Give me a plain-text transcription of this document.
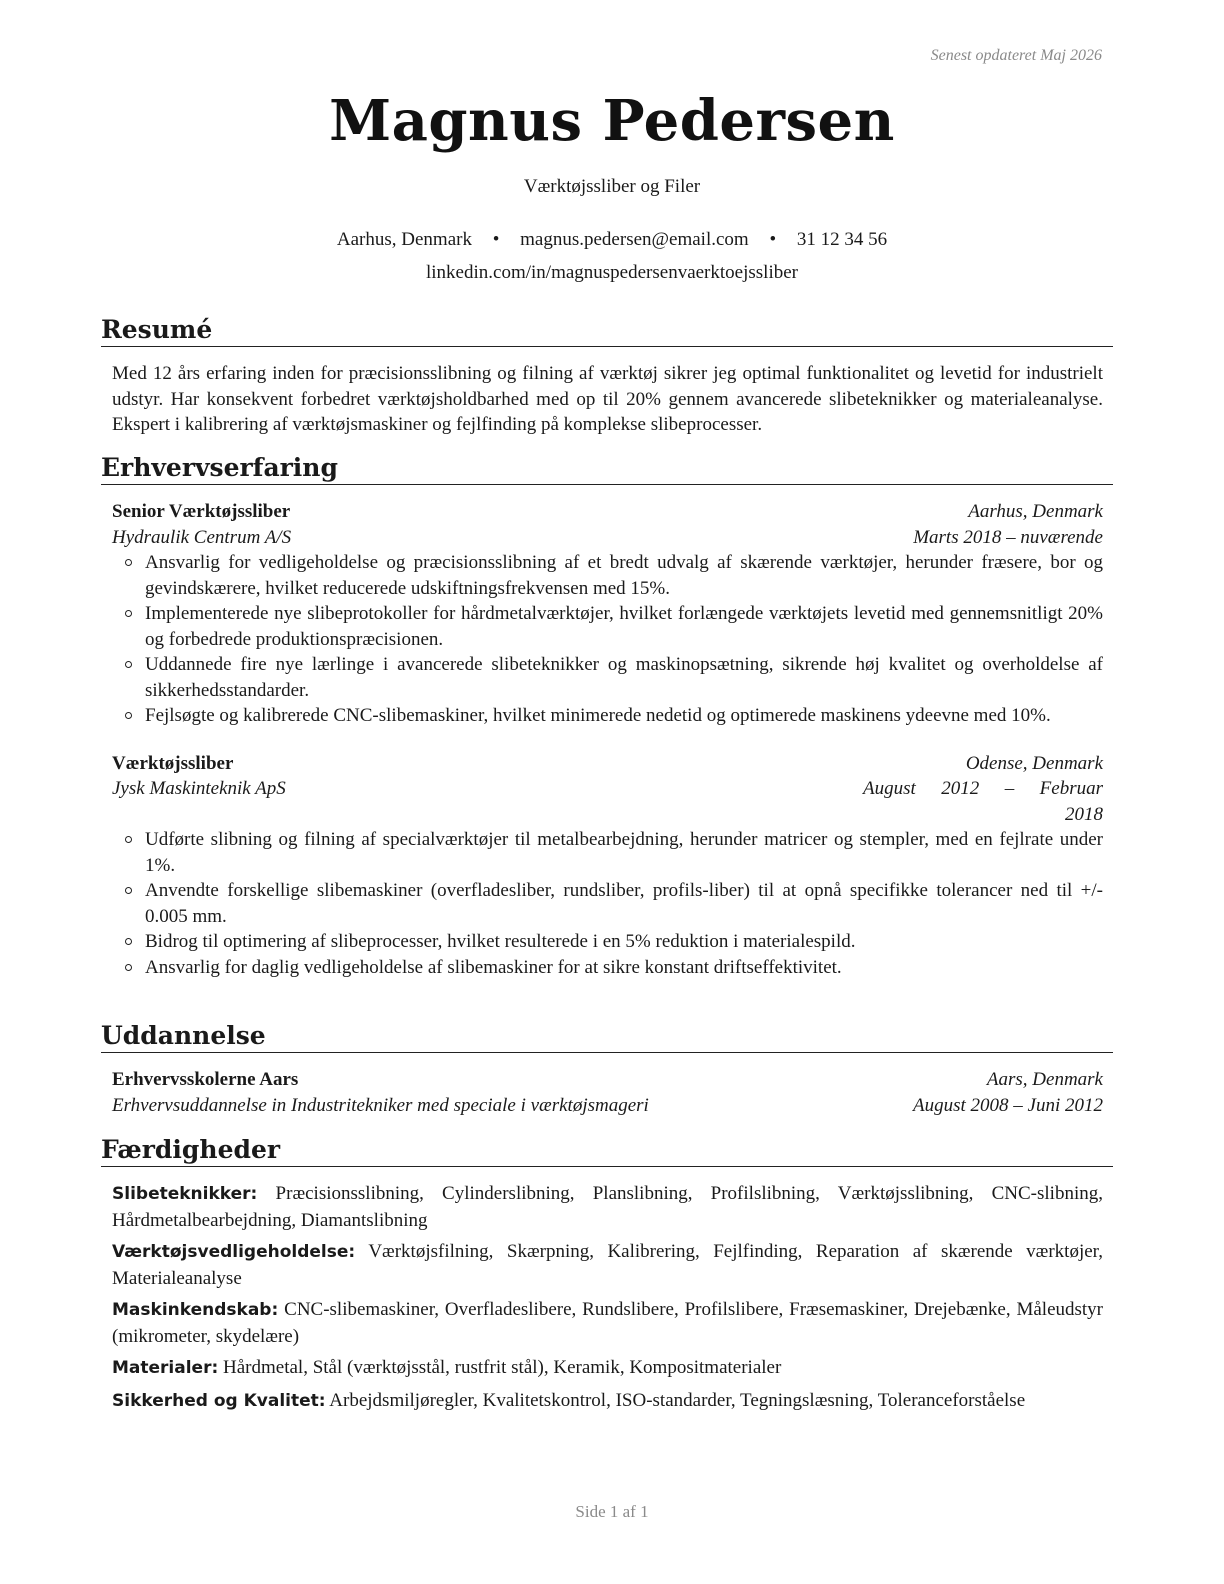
Senest opdateret Maj 2026
Magnus Pedersen
Værktøjssliber og Filer
Aarhus, Denmark • magnus.pedersen@email.com • 31 12 34 56
linkedin.com/in/magnuspedersenvaerktoejssliber
Resumé
Med 12 års erfaring inden for præcisionsslibning og filning af værktøj sikrer jeg optimal funktionalitet og levetid for industrielt udstyr. Har konsekvent forbedret værktøjsholdbarhed med op til 20% gennem avancerede slibeteknikker og materialeanalyse. Ekspert i kalibrering af værktøjsmaskiner og fejlfinding på komplekse slibeprocesser.
Erhvervserfaring
Senior Værktøjssliber	Aarhus, Denmark
Hydraulik Centrum A/S	Marts 2018 – nuværende
Ansvarlig for vedligeholdelse og præcisionsslibning af et bredt udvalg af skærende værktøjer, herunder fræsere, bor og gevindskærere, hvilket reducerede udskiftningsfrekvensen med 15%.
Implementerede nye slibeprotokoller for hårdmetalværktøjer, hvilket forlængede værktøjets levetid med gennemsnitligt 20% og forbedrede produktionspræcisionen.
Uddannede fire nye lærlinge i avancerede slibeteknikker og maskinopsætning, sikrende høj kvalitet og overholdelse af sikkerhedsstandarder.
Fejlsøgte og kalibrerede CNC-slibemaskiner, hvilket minimerede nedetid og optimerede maskinens ydeevne med 10%.
Værktøjssliber	Odense, Denmark
Jysk Maskinteknik ApS	August 2012 – Februar 2018
Udførte slibning og filning af specialværktøjer til metalbearbejdning, herunder matricer og stempler, med en fejlrate under 1%.
Anvendte forskellige slibemaskiner (overfladesliber, rundsliber, profils-liber) til at opnå specifikke tolerancer ned til +/- 0.005 mm.
Bidrog til optimering af slibeprocesser, hvilket resulterede i en 5% reduktion i materialespild.
Ansvarlig for daglig vedligeholdelse af slibemaskiner for at sikre konstant driftseffektivitet.
Uddannelse
Erhvervsskolerne Aars	Aars, Denmark
Erhvervsuddannelse in Industritekniker med speciale i værktøjsmageri	August 2008 – Juni 2012
Færdigheder
Slibeteknikker: Præcisionsslibning, Cylinderslibning, Planslibning, Profilslibning, Værktøjsslibning, CNC-slibning, Hårdmetalbearbejdning, Diamantslibning
Værktøjsvedligeholdelse: Værktøjsfilning, Skærpning, Kalibrering, Fejlfinding, Reparation af skærende værktøjer, Materialeanalyse
Maskinkendskab: CNC-slibemaskiner, Overfladeslibere, Rundslibere, Profilslibere, Fræsemaskiner, Drejebænke, Måleudstyr (mikrometer, skydelære)
Materialer: Hårdmetal, Stål (værktøjsstål, rustfrit stål), Keramik, Kompositmaterialer
Sikkerhed og Kvalitet: Arbejdsmiljøregler, Kvalitetskontrol, ISO-standarder, Tegningslæsning, Toleranceforståelse
Side 1 af 1
